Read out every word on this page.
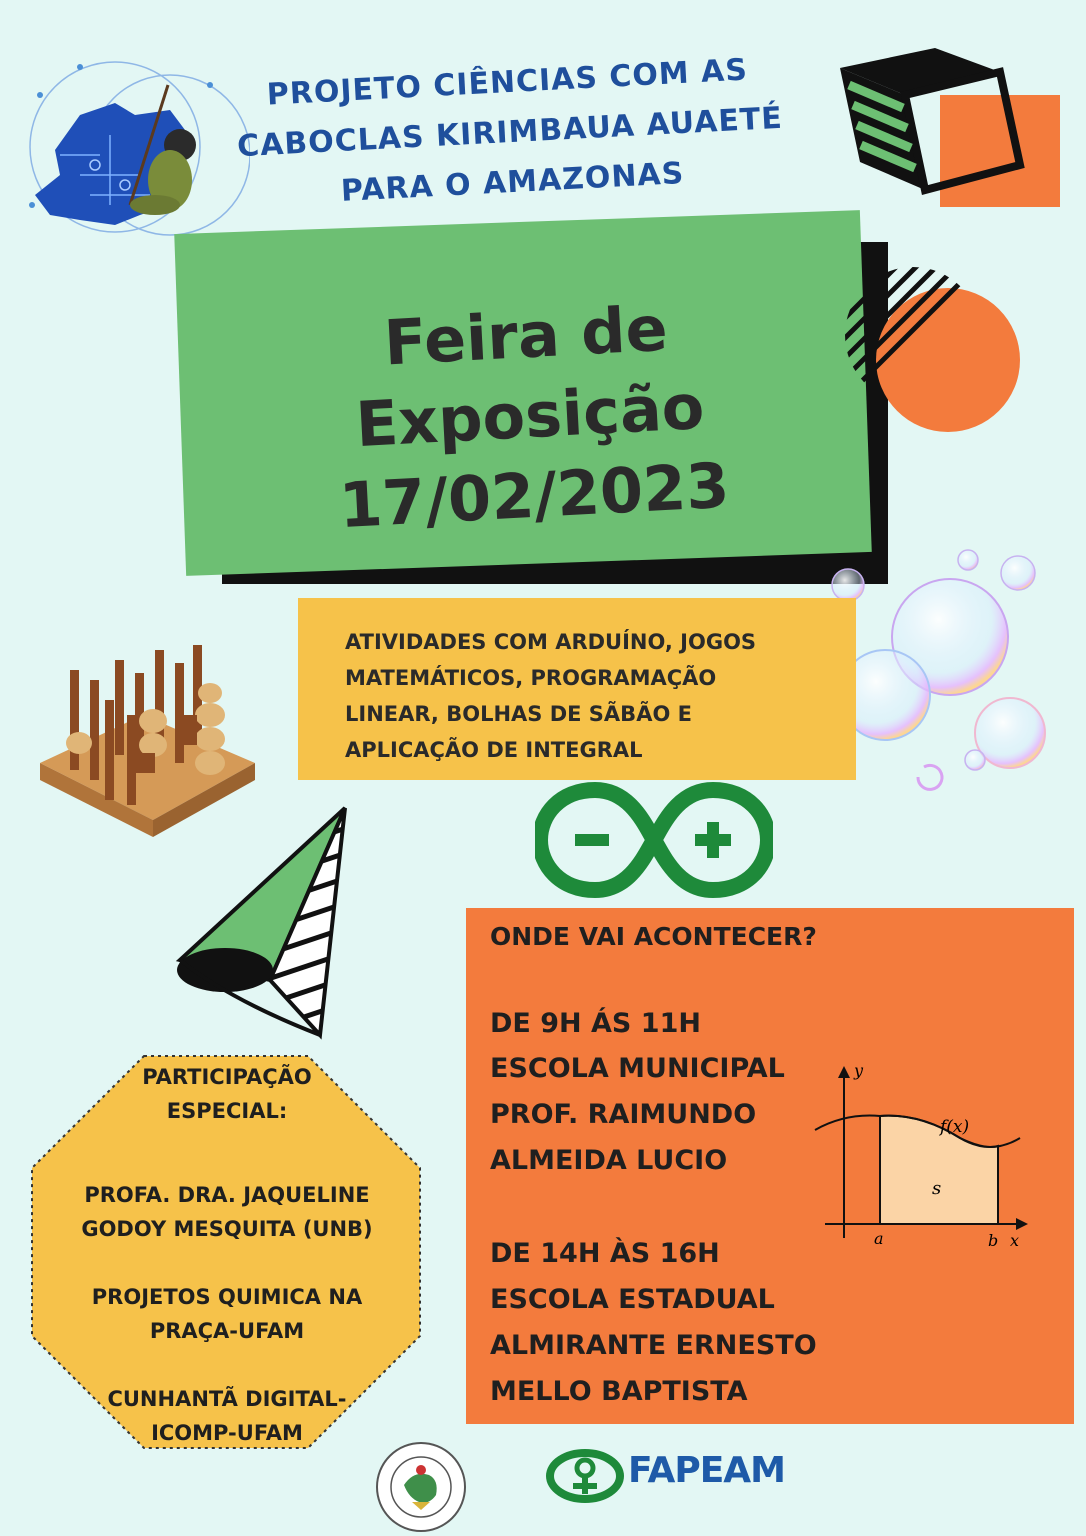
PROJETO CIÊNCIAS COM AS
CABOCLAS KIRIMBAUA AUAETÉ
PARA O AMAZONAS
Feira de
Exposição
17/02/2023
ATIVIDADES COM ARDUÍNO, JOGOS
MATEMÁTICOS, PROGRAMAÇÃO
LINEAR, BOLHAS DE SÃBÃO E
APLICAÇÃO DE INTEGRAL
ONDE VAI ACONTECER?
DE 9H ÁS 11H
ESCOLA MUNICIPAL
PROF. RAIMUNDO
ALMEIDA LUCIO
DE 14H ÀS 16H
ESCOLA ESTADUAL
ALMIRANTE ERNESTO
MELLO BAPTISTA
y
f(x)
s
a	b x
PARTICIPAÇÃO
ESPECIAL:
PROFA. DRA. JAQUELINE
GODOY MESQUITA (UNB)
PROJETOS QUIMICA NA
PRAÇA-UFAM
CUNHANTÃ DIGITAL-
ICOMP-UFAM
FAPEAM
